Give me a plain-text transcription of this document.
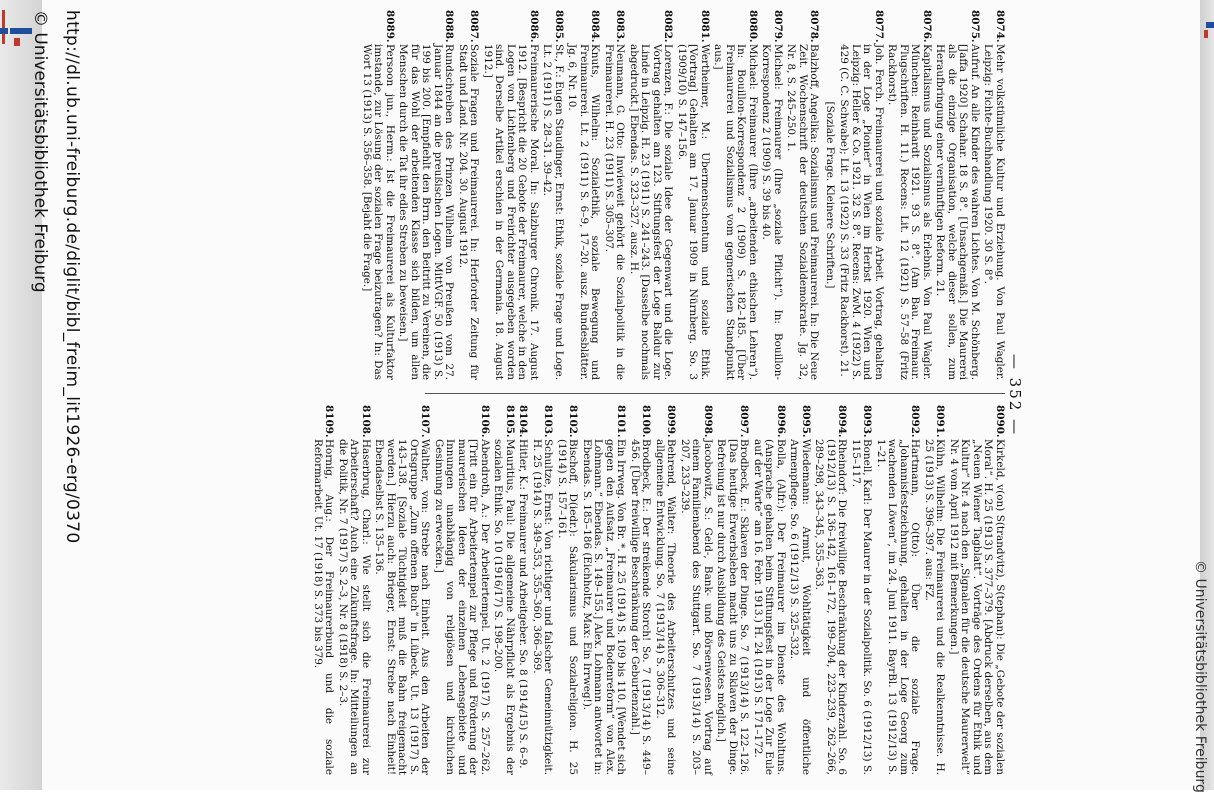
© Universitätsbibliothek Freiburg
— 352 —
8074.
Mehr volkstümliche Kultur und Erziehung. Von Paul Wagler. Leipzig: Fichte-Buchhandlung 1920. 30 S. 8°.
8075.
Aufruf. An alle Kinder des wahren Lichtes. Von M. Schönberg. [Jaffa 1920] Schahar. 18 S. 8°. [Unsachgemäß.] Die Maurerei als die einzige Organisation, welche dieser sollen, zum Heraufbringung einer vernünftigen Reform. 21.
8076.
Kapitalismus und Sozialismus als Erlebnis. Von Paul Wagler. München: Reinhardt 1921. 93 S. 8°. (Am Bau. Freimaur. Flugschriften. H. 11.) Recens: Lit. 12 (1921) S. 57–58 (Fritz Rackhorst).
8077.
Joh. Ferch. Freimaurerei und soziale Arbeit. Vortrag, gehalten in der Loge „Pionier“ in Wien im Herbst 1920. Wien und Leipzig: Heller & Co. 1921. 32 S. 8°. Recens: ZwM. 4 (1922) S. 429 (C. C. Schwabe); Lit. 13 (1922) S. 33 (Fritz Rackhorst). 21.
[Soziale Frage. Kleinere Schriften.]
8078.
Balzhoff, Angelika: Sozialismus und Freimaurerei. In: Die Neue Zeit. Wochenschrift der deutschen Sozialdemokratie. Jg. 32, Nr. 8, S. 245–250. 1.
8079.
Michael: Freimaurer (Ihre „soziale Pflicht“). In: Bouillon-Korrespondenz 2 (1909) S. 39 bis 40.
8080.
Michael: Freimaurer (Ihre „arbeitenden ethischen Lehren“). In: Bouillon-Korrespondenz 2 (1909) S. 182–185. [Über Freimaurerei und Sozialismus vom gegnerischen Standpunkt aus.]
8081.
Wertheimer, M.: Ubermenschentum und soziale Ethik. [Vortrag] Gehalten am 17. Januar 1909 in Nürnberg. So. 3 (1909/10) S. 147–156.
8082.
Lorenzen, F.: Die soziale Idee der Gegenwart und die Loge. Vortrag gehalten am 123. Stiftungsfest der Loge Baldur zur Linde in Leipzig. H. 23 (1911) S. 241–243. [Dasselbe nochmals abgedruckt.] Ebendas. S. 323–327. ausz. H.
8083.
Neumann, G. Otto: Inwieweit gehört die Sozialpolitik in die Freimaurerei. H. 23 (1911) S. 305–307.
8084.
Knuts, Wilhelm: Sozialethik, soziale Bewegung und Freimaurerei. Lt. 2 (1911) S. 6–9, 17–20. ausz. Bundesblätter. Jg. 6, Nr. 10.
8085.
St., F.: Eugen Staudinger, Ernst: Ethik, soziale Frage und Loge. Lt. 2 (1911) S. 28–31. 39–42.
8086.
Freimaurerische Moral. In: Salzburger Chronik. 17. August 1912. [Bespricht die 20 Gebote der Freimaurer, welche in den Logen von Lichtenberg und Freirichter ausgegeben worden sind. Derselbe Artikel erschien in der Germania. 18. August 1912.]
8087.
Soziale Fragen und Freimaurerei. In: Herforder Zeitung für Stadt und Land. Nr. 204. 30. August 1912.
8088.
Rundschreiben des Prinzen Wilhelm von Preußen vom 27. Januar 1844 an die preußischen Logen. MittVGF. 50 (1913) S. 199 bis 200. [Empfiehlt den Brrn. den Beitritt zu Vereinen, die für das Wohl der arbeitenden Klasse sich bilden, um allen Menschen durch die Tat ihr edles Streben zu beweisen.]
8089.
Persoon jun., Herm.: Ist die Freimaurerei als Kulturfaktor imstande, zur Lösung der sozialen Frage beizutragen? In: Das Wort 13 (1913) S. 356–358. [Bejaht die Frage.]
8090.
Kirkeld, v(on) S(trandvitz), S(tephan): Die „Gebote der sozialen Moral“. H. 25 (1913) S. 377–379. [Abdruck derselben, aus dem „Neuen Wiener Tagblatt“. Vorträge des Ordens für Ethik und Kultur“ Nr. 4 nach den „Signalen für die deutsche Maurerwelt“ Nr. 4 vom April 1912 mit Bemerkungen.]
8091.
Kühn, Wilhelm: Die Freimaurerei und die Realkenntnisse. H. 25 (1913) S. 396–397. aus: FZ.
8092.
Hartmann, O(tto): Über die soziale Frage. „Johannisfestzeichnung, gehalten in der Loge Georg zum wachenden Löwen“, im 24. Juni 1911. BayrBl. 13 (1912/13) S. 1–21.
8093.
Bonell, Karl: Der Maurer in der Sozialpolitik. So. 6 (1912/13) S. 115–117.
8094.
Rheindorf: Die freiwillige Beschränkung der Kinderzahl. So. 6 (1912/13) S. 136–142, 161–172, 199–204, 223–239, 262–266, 289–298, 343–345, 355–363.
8095.
Wiedemann: Armut, Wohltätigkeit und öffentliche Armenpflege. So. 6 (1912/13) S. 325–332.
8096.
Bolla, (Alfr.): Der Freimaurer im Dienste des Wohltuns. (Ansprache gehalten beim Stiftungsfest in der Loge Zur Eule auf der Warte“ am 16. Febr. 1913.) H. 24 (1913) S. 171–172.
8097.
Brodbeck, E.: Sklaven der Dinge. So. 7 (1913/14) S. 122–126. [Das heutige Erwerbsleben macht uns zu Sklaven der Dinge. Befreiung ist nur durch Ausbildung des Geistes möglich.]
8098.
Jacobowitz, S.: Geld-, Bank- und Börsenwesen. Vortrag auf einem Familienabend des Stuttgart. So. 7 (1913/14) S. 203–207, 233–239.
8099.
Behrend, Walter: Theorie des Arbeiterschutzes und seine allgemeine Entwicklung. So. 7 (1913/14) S. 306–312.
8100.
Brodbeck, E.: Der streikende Storch! So. 7 (1913/14) S. 449–456. [Über freiwillige Beschränkung der Geburtenzahl.]
8101.
Ein Irrweg. Von Br. *. H. 25 (1914) S. 109 bis 110. [Wendet sich gegen den Aufsatz „Freimaurer und Bodenreform“ von Alex. Lohmann.“ Ebendas. S. 149–155.] Alex. Lohmann antwortet in: Ebendas. S. 185–186 (Eichholtz, Max: Ein Irrweg!).
8102.
Bischoff, D(iedr.): Sakularismus und Sozialreligion. H. 25 (1914) S. 157–161.
8103.
Schultze, Ernst: Von richtiger und falscher Gemeinnützigkeit. H. 25 (1914) S. 349–353, 355–360, 366–369.
8104.
Hitler, K.: Freimaurer und Arbeitgeber. So. 8 (1914/15) S. 6–9.
8105.
Mauritius, Paul: Die allgemeine Nährpflicht als Ergebnis der sozialen Ethik. So. 10 (1916/17) S. 198–200.
8106.
Abendroth, A.: Der Arbeitertempel. Ut. 2 (1917) S. 257–262. [Tritt ein für Arbeitertempel zur Pflege und Förderung der maurerischen Ideen der einzelnen Lebensgebiete und Innungen unabhängig von religiösen und kirchlichen Gesinnung zu erwecken.]
8107.
Walther, von: Strebe nach Einheit. Aus den Arbeiten der Ortsgruppe „Zum offenen Buch“ in Lübeck. Ut. 13 (1917) S. 143–138. [Soziale Tüchtigkeit muß die Bahn freigemacht werden.] Hierzu auch: Brieger, Ernst: Strebe nach Einheit! Ebendaselbst S. 135–136.
8108.
Haserbrug, Charl.: Wie stellt sich die Freimaurerei zur Arbeiterschaft? Auch eine Zukunftsfrage. In: Mitteilungen an die Politik, Nr. 7 (1917) S. 2–3, Nr. 8 (1918) S. 2–3.
8109.
Hornig, Aug.: Der Freimaurerbund und die soziale Reformarbeit. Ut. 17 (1918) S. 373 bis 379.
http://dl.ub.uni-freiburg.de/diglit/bibl_freim_lit1926-erg/0370
© Universitätsbibliothek Freiburg
